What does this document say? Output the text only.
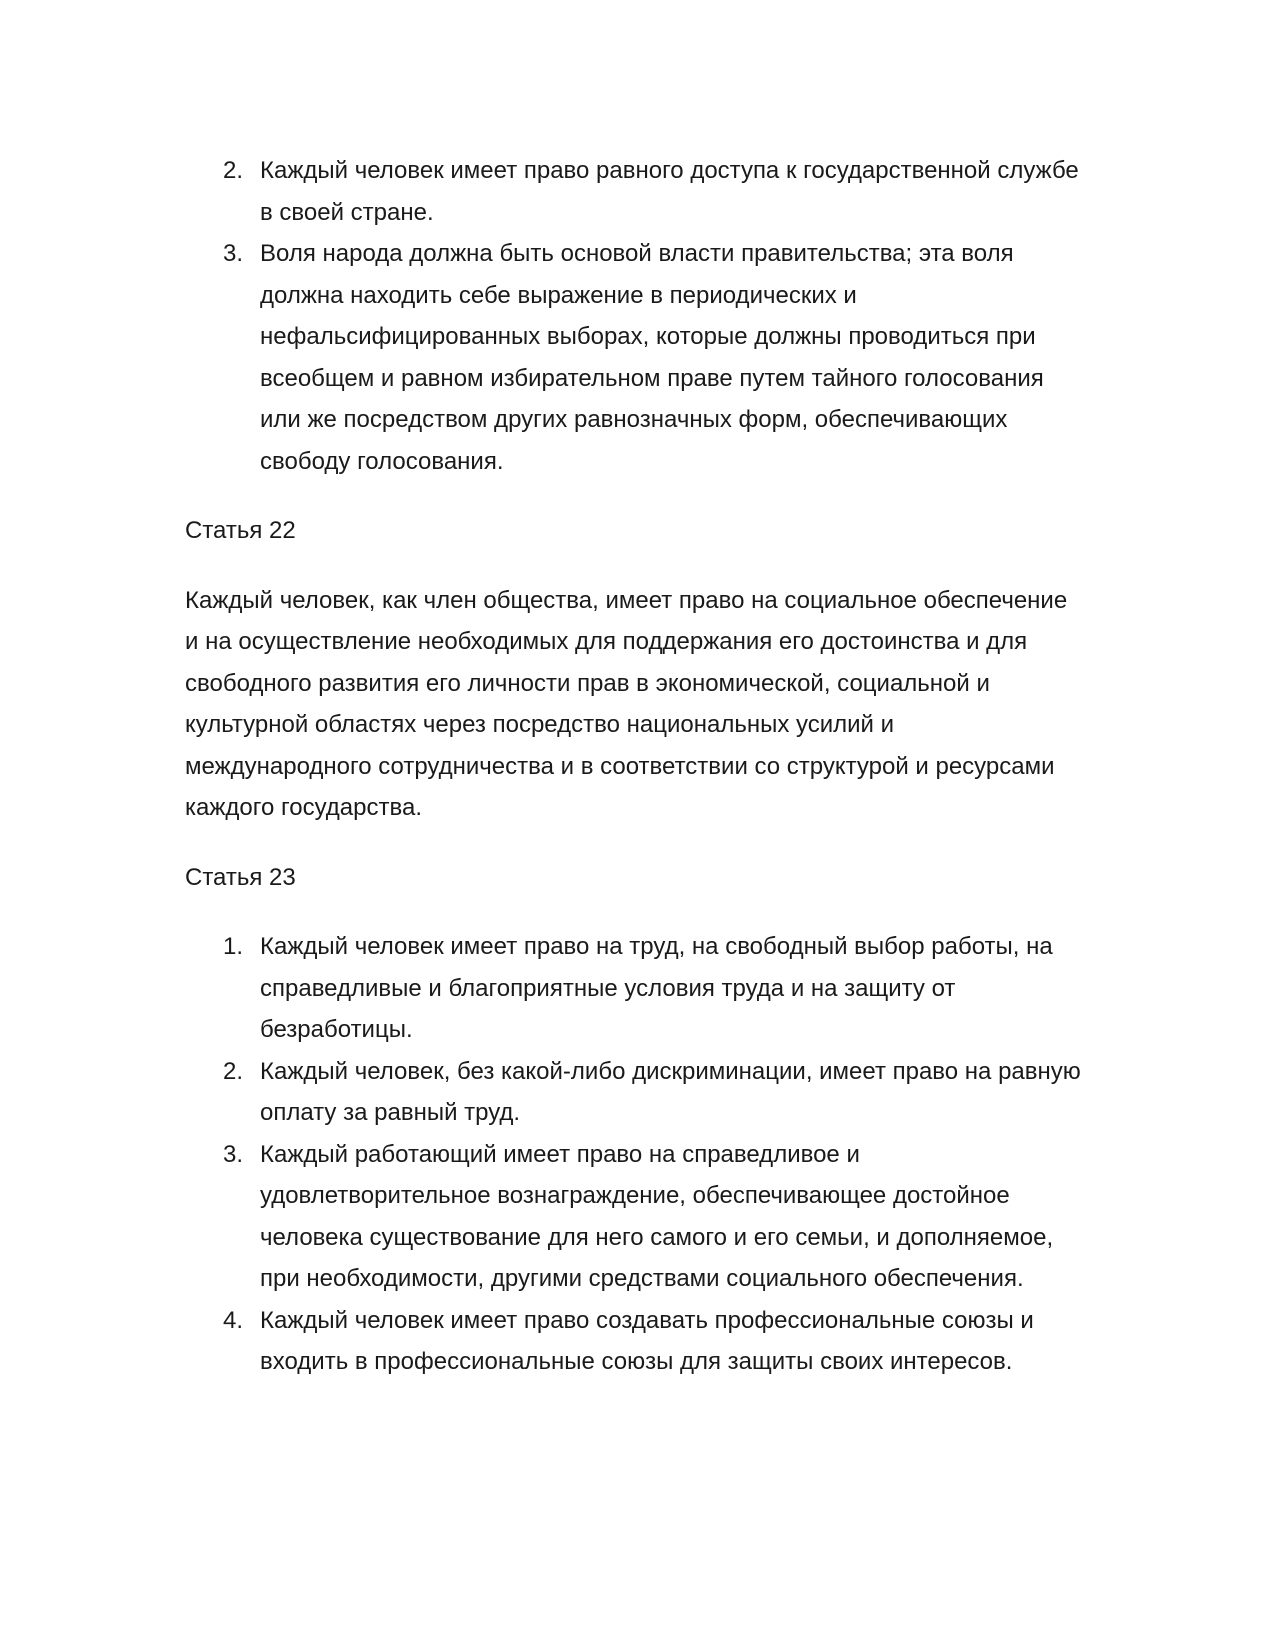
2. Каждый человек имеет право равного доступа к государственной службе в своей стране.
3. Воля народа должна быть основой власти правительства; эта воля должна находить себе выражение в периодических и нефальсифицированных выборах, которые должны проводиться при всеобщем и равном избирательном праве путем тайного голосования или же посредством других равнозначных форм, обеспечивающих свободу голосования.
Статья 22

Каждый человек, как член общества, имеет право на социальное обеспечение и на осуществление необходимых для поддержания его достоинства и для свободного развития его личности прав в экономической, социальной и культурной областях через посредство национальных усилий и международного сотрудничества и в соответствии со структурой и ресурсами каждого государства.

Статья 23
1. Каждый человек имеет право на труд, на свободный выбор работы, на справедливые и благоприятные условия труда и на защиту от безработицы.
2. Каждый человек, без какой-либо дискриминации, имеет право на равную оплату за равный труд.
3. Каждый работающий имеет право на справедливое и удовлетворительное вознаграждение, обеспечивающее достойное человека существование для него самого и его семьи, и дополняемое, при необходимости, другими средствами социального обеспечения.
4. Каждый человек имеет право создавать профессиональные союзы и входить в профессиональные союзы для защиты своих интересов.
